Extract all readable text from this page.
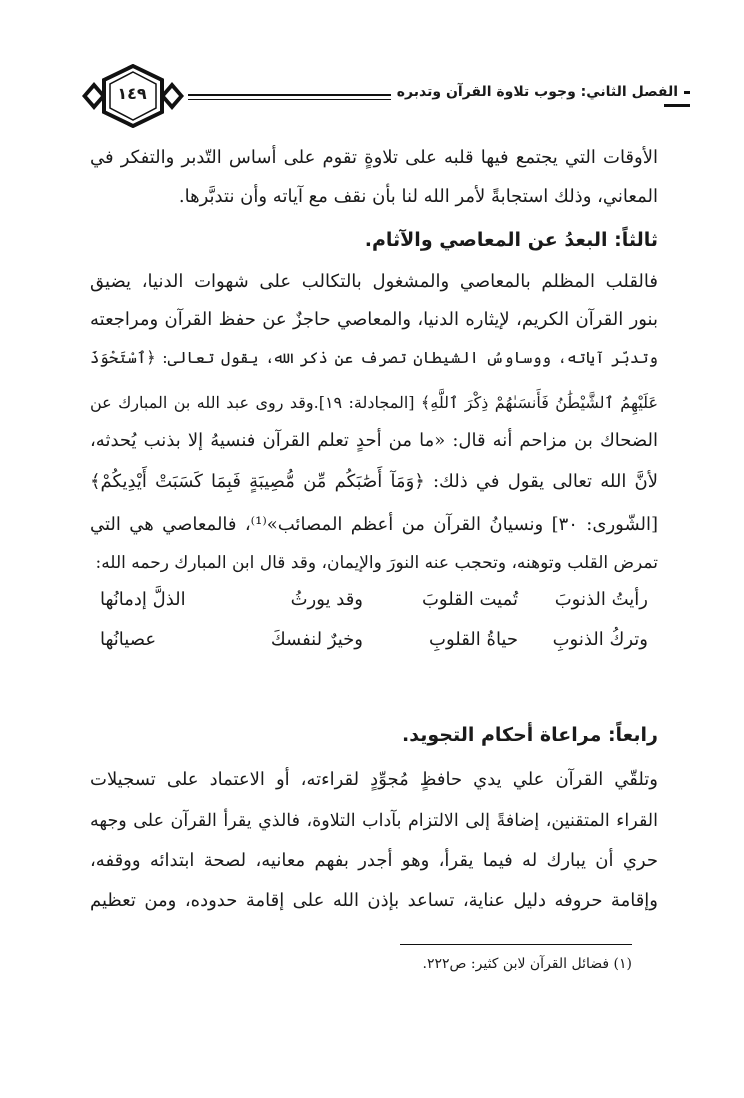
الفصل الثاني: وجوب تلاوة القرآن وتدبره
١٤٩
الأوقات التي يجتمع فيها قلبه على تلاوةٍ تقوم على أساس التّدبر والتفكر في
المعاني، وذلك استجابةً لأمر الله لنا بأن نقف مع آياته وأن نتدبَّرها.
ثالثاً: البعدُ عن المعاصي والآثام.
فالقلب المظلم بالمعاصي والمشغول بالتكالب على شهوات الدنيا، يضيق
بنور القرآن الكريم، لإيثاره الدنيا، والمعاصي حاجزٌ عن حفظ القرآن ومراجعته
وتدبّر آياته، ووساوسُ الشيطان تصرف عن ذكر الله، يقول تعالى: ﴿ٱسْتَحْوَذَ
عَلَيْهِمُ ٱلشَّيْطَٰنُ فَأَنسَىٰهُمْ ذِكْرَ ٱللَّهِ﴾ [المجادلة: ١٩].وقد روى عبد الله بن المبارك عن
الضحاك بن مزاحم أنه قال: «ما من أحدٍ تعلم القرآن فنسيهُ إلا بذنب يُحدثه،
لأنَّ الله تعالى يقول في ذلك: ﴿وَمَآ أَصَٰبَكُم مِّن مُّصِيبَةٍ فَبِمَا كَسَبَتْ أَيْدِيكُمْ﴾
[الشّورى: ٣٠] ونسيانُ القرآن من أعظم المصائب»⁽¹⁾، فالمعاصي هي التي
تمرض القلب وتوهنه، وتحجب عنه النورَ والإيمان، وقد قال ابن المبارك رحمه الله:
رأيتُ الذنوبَ
تُميت القلوبَ
وقد يورثُ
الذلَّ إدمانُها
وتركُ الذنوبِ
حياةُ القلوبِ
وخيرٌ لنفسكَ
عصيانُها
رابعاً: مراعاة أحكام التجويد.
وتلقّي القرآن علي يدي حافظٍ مُجوِّدٍ لقراءته، أو الاعتماد على تسجيلات
القراء المتقنين، إضافةً إلى الالتزام بآداب التلاوة، فالذي يقرأ القرآن على وجهه
حري أن يبارك له فيما يقرأ، وهو أجدر بفهم معانيه، لصحة ابتدائه ووقفه،
وإقامة حروفه دليل عناية، تساعد بإذن الله على إقامة حدوده، ومن تعظيم
(١) فضائل القرآن لابن كثير: ص٢٢٢.
